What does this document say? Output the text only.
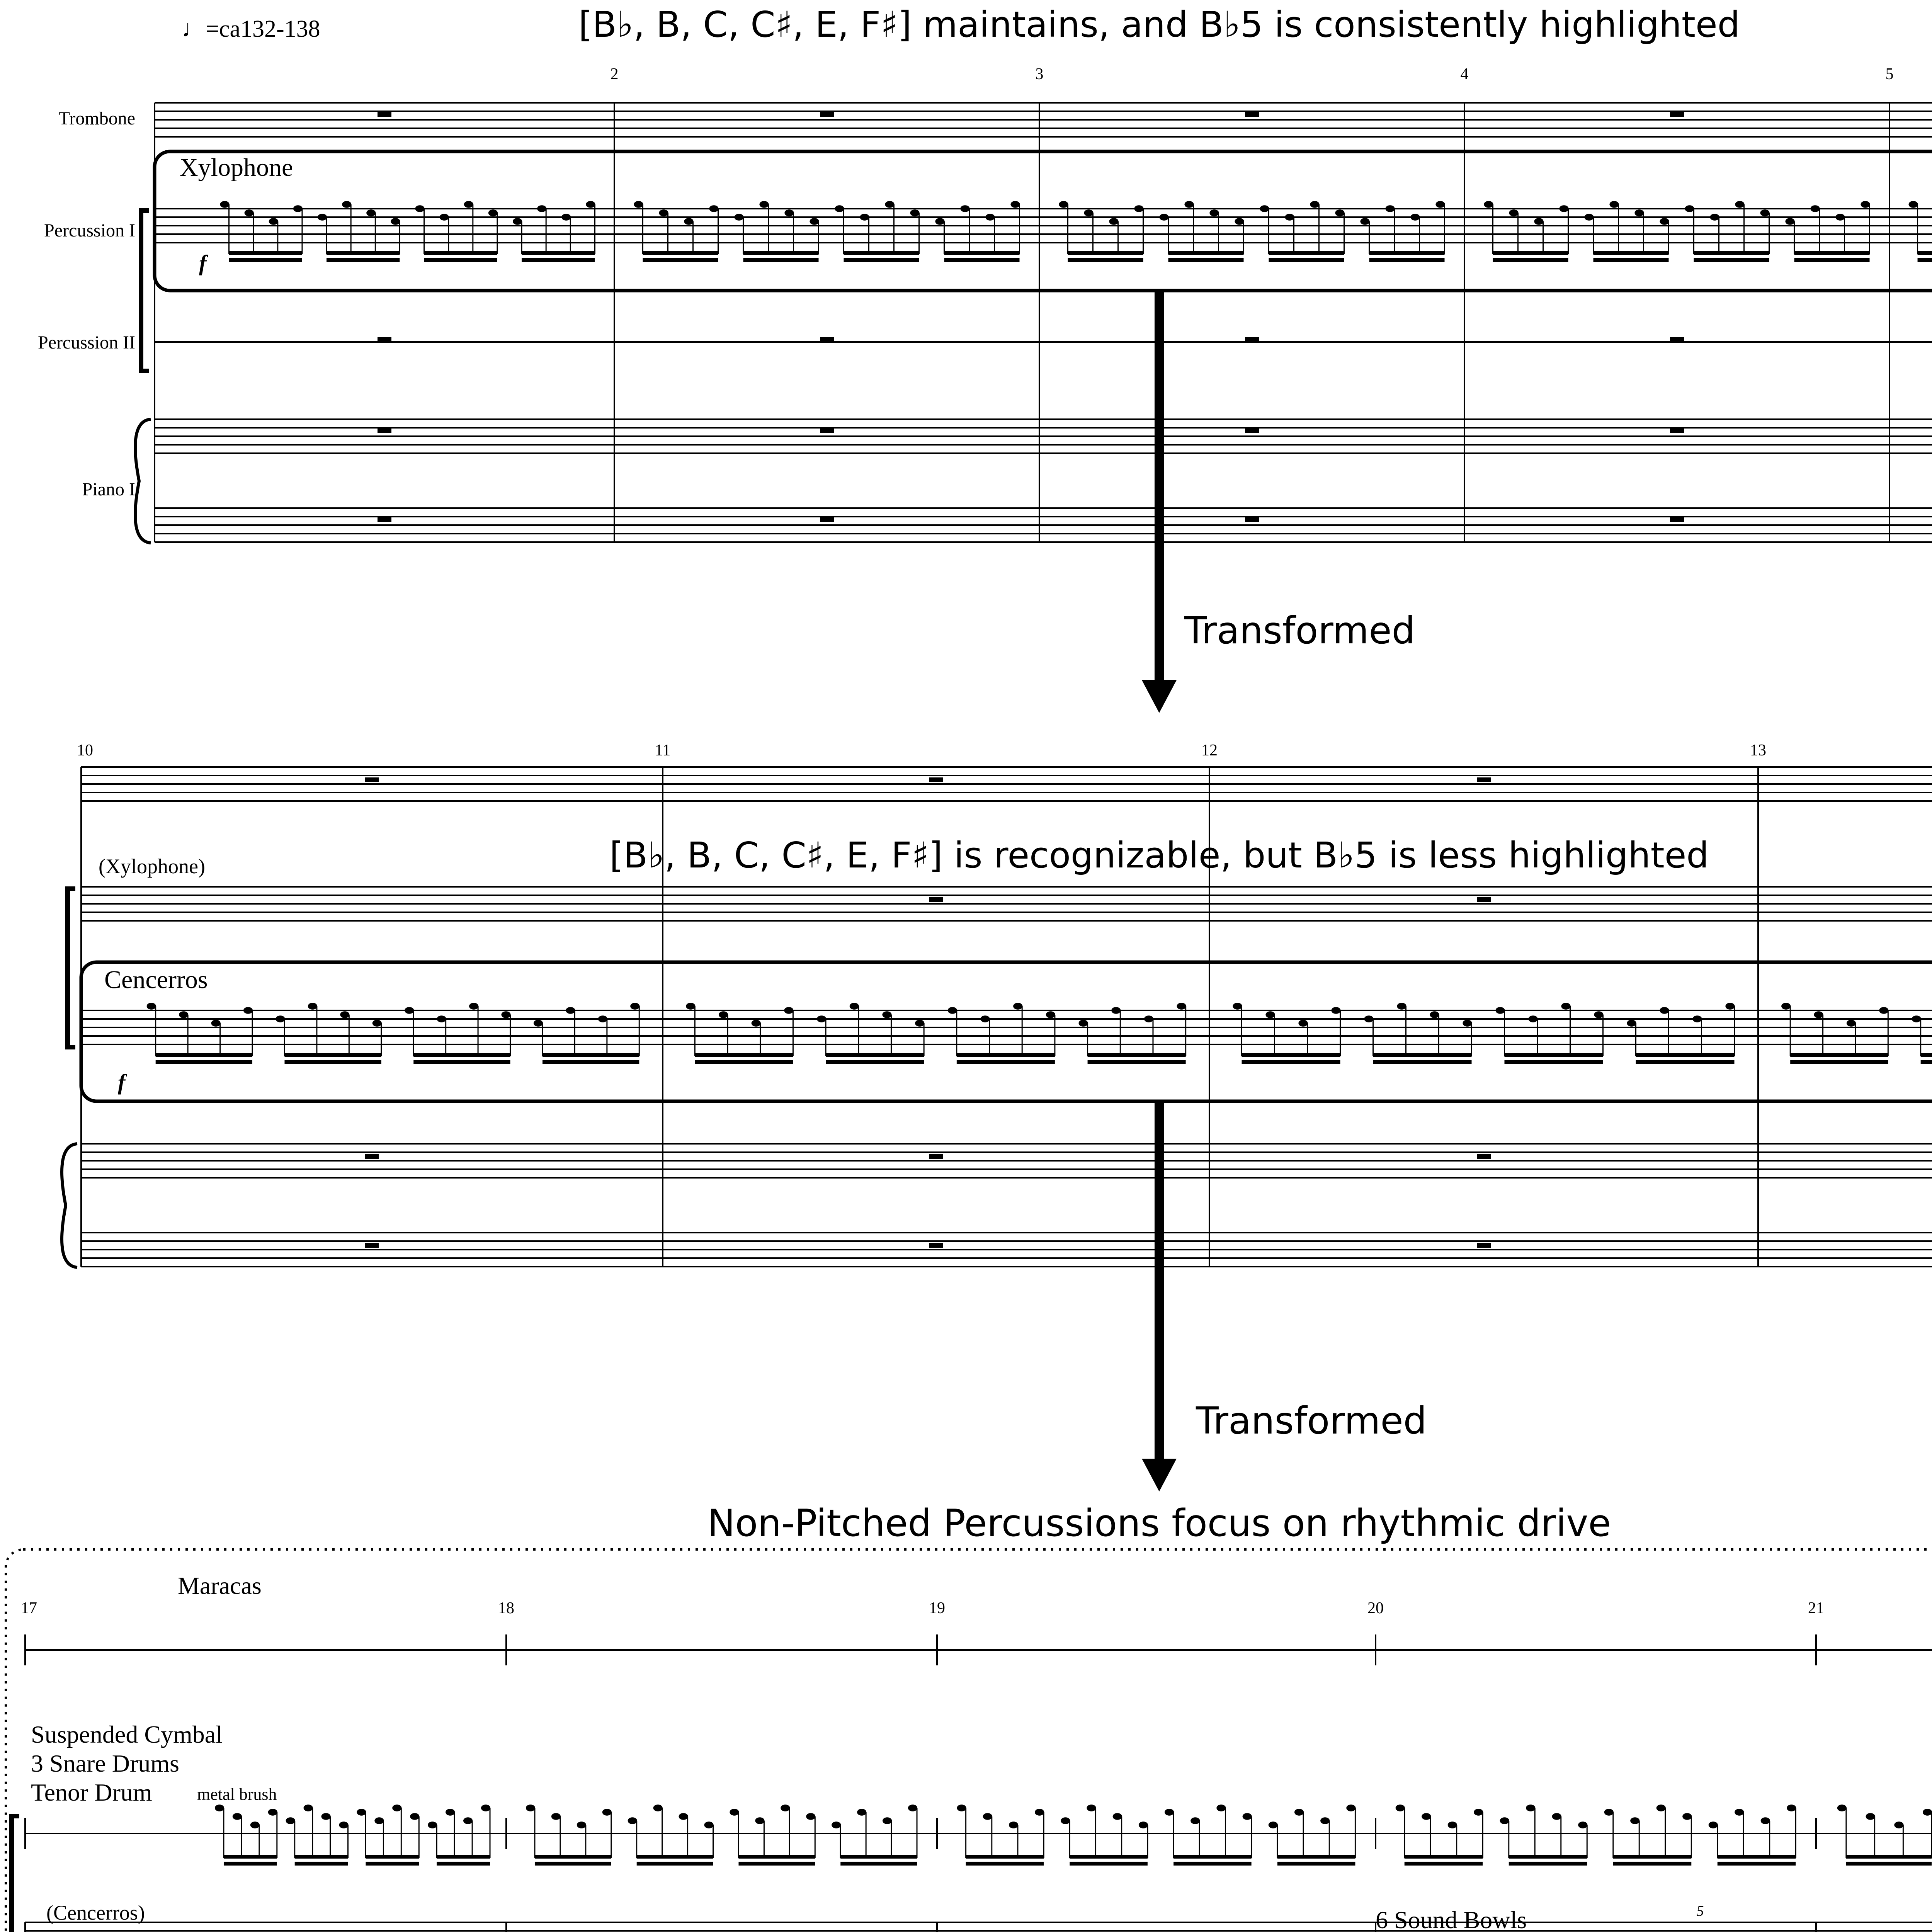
♩=ca132-138	[B♭, B, C, C♯, E, F♯] maintains, and B♭5 is consistently highlighted
2	3	4	5
Trombone
Percussion I
Percussion II
Piano I
Xylophone
f
Transformed
10	11	12	13
[B♭, B, C, C♯, E, F♯] is recognizable, but B♭5 is less highlighted
(Xylophone)
Cencerros
f
Transformed
Non-Pitched Percussions focus on rhythmic drive
17	18	19	20	21
Maracas
Suspended Cymbal
3 Snare Drums
Tenor Drum	metal brush
(Cencerros)	6 Sound Bowls	5
